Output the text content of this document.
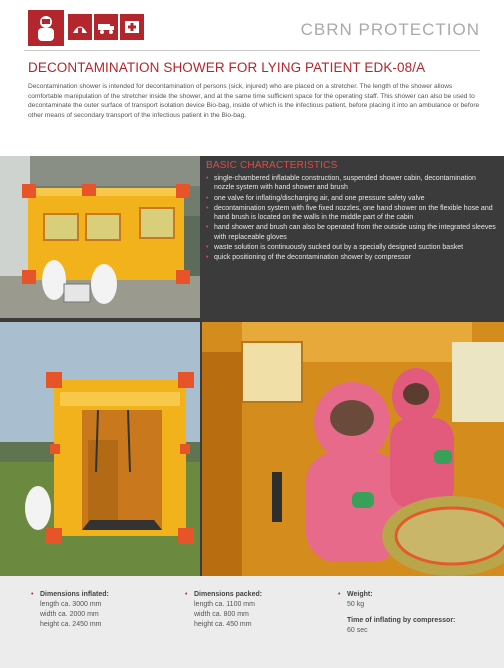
CBRN PROTECTION
DECONTAMINATION SHOWER FOR LYING PATIENT EDK-08/A
Decontamination shower is intended for decontamination of persons (sick, injured) who are placed on a stretcher. The length of the shower allows comfortable manipulation of the stretcher inside the shower, and at the same time sufficient space for the operating staff. This shower can also be used to decontaminate the outer surface of transport isolation device Bio-bag, inside of which is the infectious patient, before placing it into an ambulance or before other means of secondary transport of the infectious patient in the Bio-bag.
BASIC CHARACTERISTICS
• single-chambered inflatable construction, suspended shower cabin, decontamination nozzle system with hand shower and brush
• one valve for inflating/discharging air, and one pressure safety valve
• decontamination system with five fixed nozzles, one hand shower on the flexible hose and hand brush is located on the walls in the middle part of the cabin
• hand shower and brush can also be operated from the outside using the integrated sleeves with replaceable gloves
• waste solution is continuously sucked out by a specially designed suction basket
• quick positioning of the decontamination shower by compressor
• Dimensions inflated:
length ca. 3000 mm
width ca. 2000 mm
height ca. 2450 mm
• Dimensions packed:
length ca. 1100 mm
width ca. 800 mm
height ca. 450 mm
• Weight:
50 kg
Time of inflating by compressor:
60 sec
